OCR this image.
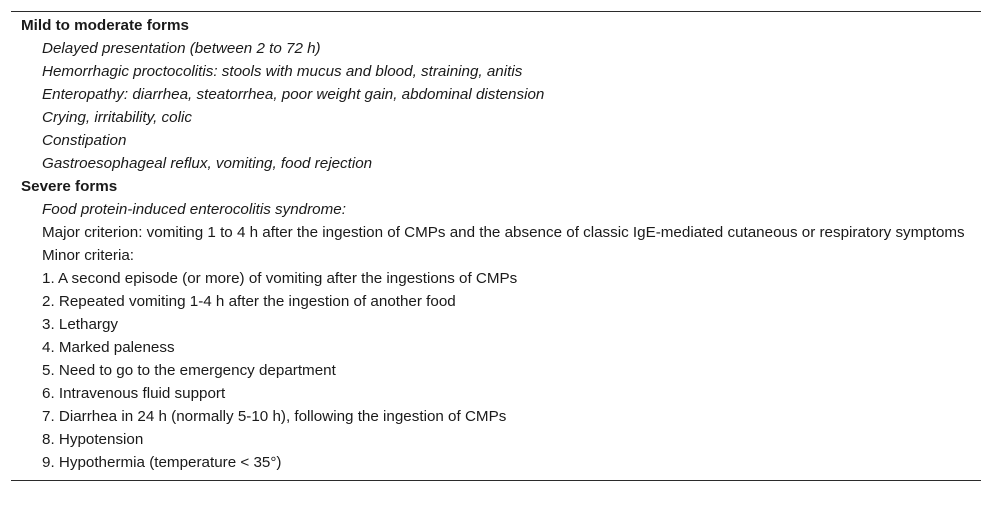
Mild to moderate forms
Delayed presentation (between 2 to 72 h)
Hemorrhagic proctocolitis: stools with mucus and blood, straining, anitis
Enteropathy: diarrhea, steatorrhea, poor weight gain, abdominal distension
Crying, irritability, colic
Constipation
Gastroesophageal reflux, vomiting, food rejection
Severe forms
Food protein-induced enterocolitis syndrome:
Major criterion: vomiting 1 to 4 h after the ingestion of CMPs and the absence of classic IgE-mediated cutaneous or respiratory symptoms
Minor criteria:
1. A second episode (or more) of vomiting after the ingestions of CMPs
2. Repeated vomiting 1-4 h after the ingestion of another food
3. Lethargy
4. Marked paleness
5. Need to go to the emergency department
6. Intravenous fluid support
7. Diarrhea in 24 h (normally 5-10 h), following the ingestion of CMPs
8. Hypotension
9. Hypothermia (temperature < 35°)
